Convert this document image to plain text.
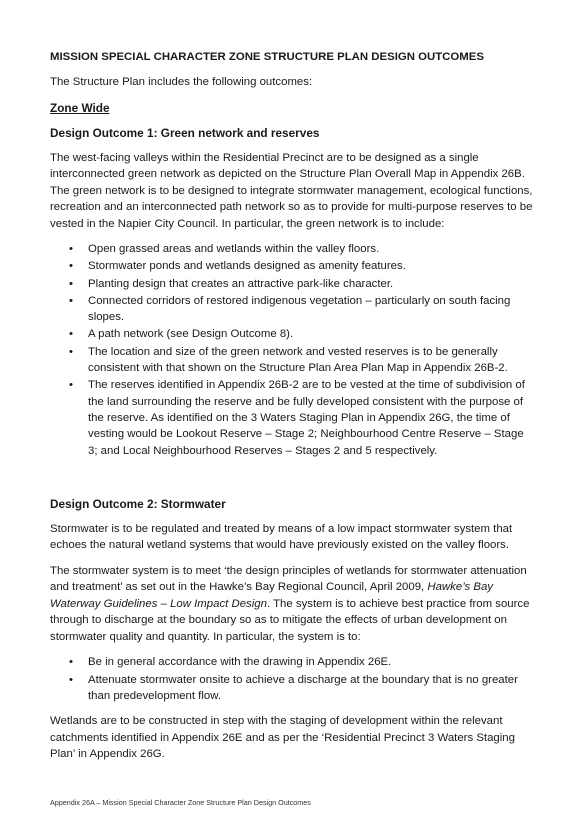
MISSION SPECIAL CHARACTER ZONE STRUCTURE PLAN DESIGN OUTCOMES

The Structure Plan includes the following outcomes:

Zone Wide
Design Outcome 1: Green network and reserves

The west-facing valleys within the Residential Precinct are to be designed as a single interconnected green network as depicted on the Structure Plan Overall Map in Appendix 26B. The green network is to be designed to integrate stormwater management, ecological functions, recreation and an interconnected path network so as to provide for multi-purpose reserves to be vested in the Napier City Council. In particular, the green network is to include:

• Open grassed areas and wetlands within the valley floors.
• Stormwater ponds and wetlands designed as amenity features.
• Planting design that creates an attractive park-like character.
• Connected corridors of restored indigenous vegetation – particularly on south facing slopes.
• A path network (see Design Outcome 8).
• The location and size of the green network and vested reserves is to be generally consistent with that shown on the Structure Plan Area Plan Map in Appendix 26B-2.
• The reserves identified in Appendix 26B-2 are to be vested at the time of subdivision of the land surrounding the reserve and be fully developed consistent with the purpose of the reserve. As identified on the 3 Waters Staging Plan in Appendix 26G, the time of vesting would be Lookout Reserve – Stage 2; Neighbourhood Centre Reserve – Stage 3; and Local Neighbourhood Reserves – Stages 2 and 5 respectively.
Design Outcome 2: Stormwater

Stormwater is to be regulated and treated by means of a low impact stormwater system that echoes the natural wetland systems that would have previously existed on the valley floors.

The stormwater system is to meet ‘the design principles of wetlands for stormwater attenuation and treatment’ as set out in the Hawke’s Bay Regional Council, April 2009, Hawke’s Bay Waterway Guidelines – Low Impact Design. The system is to achieve best practice from source through to discharge at the boundary so as to mitigate the effects of urban development on stormwater quality and quantity. In particular, the system is to:

• Be in general accordance with the drawing in Appendix 26E.
• Attenuate stormwater onsite to achieve a discharge at the boundary that is no greater than predevelopment flow.

Wetlands are to be constructed in step with the staging of development within the relevant catchments identified in Appendix 26E and as per the ‘Residential Precinct 3 Waters Staging Plan’ in Appendix 26G.

Appendix 26A – Mission Special Character Zone Structure Plan Design Outcomes
